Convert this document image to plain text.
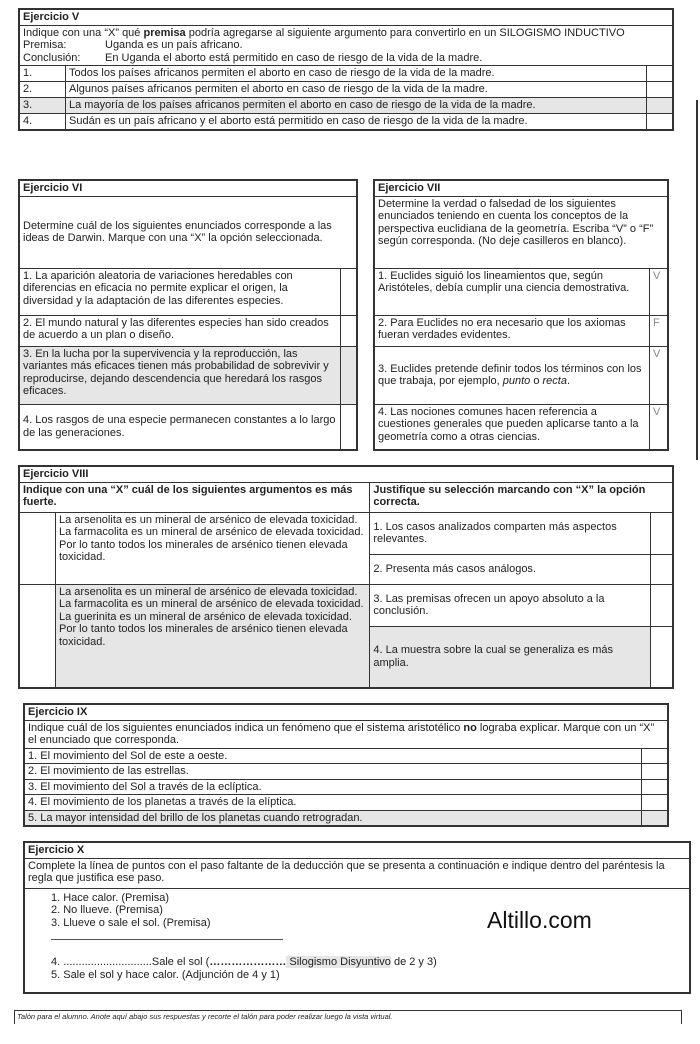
Ejercicio V		

Indique con una “X” qué premisa podría agregarse al siguiente argumento para convertirlo en un SILOGISMO INDUCTIVO
Premisa: Uganda es un país africano.
Conclusión: En Uganda el aborto está permitido en caso de riesgo de la vida de la madre.		

1.	Todos los países africanos permiten el aborto en caso de riesgo de la vida de la madre.	
2.	Algunos países africanos permiten el aborto en caso de riesgo de la vida de la madre.	
3.	La mayoría de los países africanos permiten el aborto en caso de riesgo de la vida de la madre.	
4.	Sudán es un país africano y el aborto está permitido en caso de riesgo de la vida de la madre.	
Ejercicio VI	
Determine cuál de los siguientes enunciados corresponde a las ideas de Darwin. Marque con una “X” la opción seleccionada.	
1. La aparición aleatoria de variaciones heredables con diferencias en eficacia no permite explicar el origen, la diversidad y la adaptación de las diferentes especies.	
2. El mundo natural y las diferentes especies han sido creados de acuerdo a un plan o diseño.	
3. En la lucha por la supervivencia y la reproducción, las variantes más eficaces tienen más probabilidad de sobrevivir y reproducirse, dejando descendencia que heredará los rasgos eficaces.	
4. Los rasgos de una especie permanecen constantes a lo largo de las generaciones.	
Ejercicio VII	
Determine la verdad o falsedad de los siguientes enunciados teniendo en cuenta los conceptos de la perspectiva euclidiana de la geometría. Escriba “V” o “F” según corresponda. (No deje casilleros en blanco).	
1. Euclides siguió los lineamientos que, según Aristóteles, debía cumplir una ciencia demostrativa.	V
2. Para Euclides no era necesario que los axiomas fueran verdades evidentes.	F
3. Euclides pretende definir todos los términos con los que trabaja, por ejemplo, punto o recta.	V
4. Las nociones comunes hacen referencia a cuestiones generales que pueden aplicarse tanto a la geometría como a otras ciencias.	V
Ejercicio VIII			
Indique con una “X” cuál de los siguientes argumentos es más fuerte.		Justifique su selección marcando con “X” la opción correcta.	

	La arsenolita es un mineral de arsénico de elevada toxicidad.
La farmacolita es un mineral de arsénico de elevada toxicidad.
Por lo tanto todos los minerales de arsénico tienen elevada toxicidad.	1. Los casos analizados comparten más aspectos relevantes.	
		2. Presenta más casos análogos.	

	La arsenolita es un mineral de arsénico de elevada toxicidad.
La farmacolita es un mineral de arsénico de elevada toxicidad.
La guerinita es un mineral de arsénico de elevada toxicidad.
Por lo tanto todos los minerales de arsénico tienen elevada toxicidad.	3. Las premisas ofrecen un apoyo absoluto a la conclusión.	
		4. La muestra sobre la cual se generaliza es más amplia.	
Ejercicio IX	
Indique cuál de los siguientes enunciados indica un fenómeno que el sistema aristotélico no lograba explicar. Marque con un “X” el enunciado que corresponda.	
1. El movimiento del Sol de este a oeste.	
2. El movimiento de las estrellas.	
3. El movimiento del Sol a través de la eclíptica.	
4. El movimiento de los planetas a través de la elíptica.	
5. La mayor intensidad del brillo de los planetas cuando retrogradan.	
Ejercicio X
Complete la línea de puntos con el paso faltante de la deducción que se presenta a continuación e indique dentro del paréntesis la regla que justifica ese paso.

1. Hace calor. (Premisa)
2. No llueve. (Premisa)
3. Llueve o sale el sol. (Premisa)
4. .............................Sale el sol (………………… Silogismo Disyuntivo de 2 y 3)
5. Sale el sol y hace calor. (Adjunción de 4 y 1)
Altillo.com
Talón para el alumno. Anote aquí abajo sus respuestas y recorte el talón para poder realizar luego la vista virtual.
